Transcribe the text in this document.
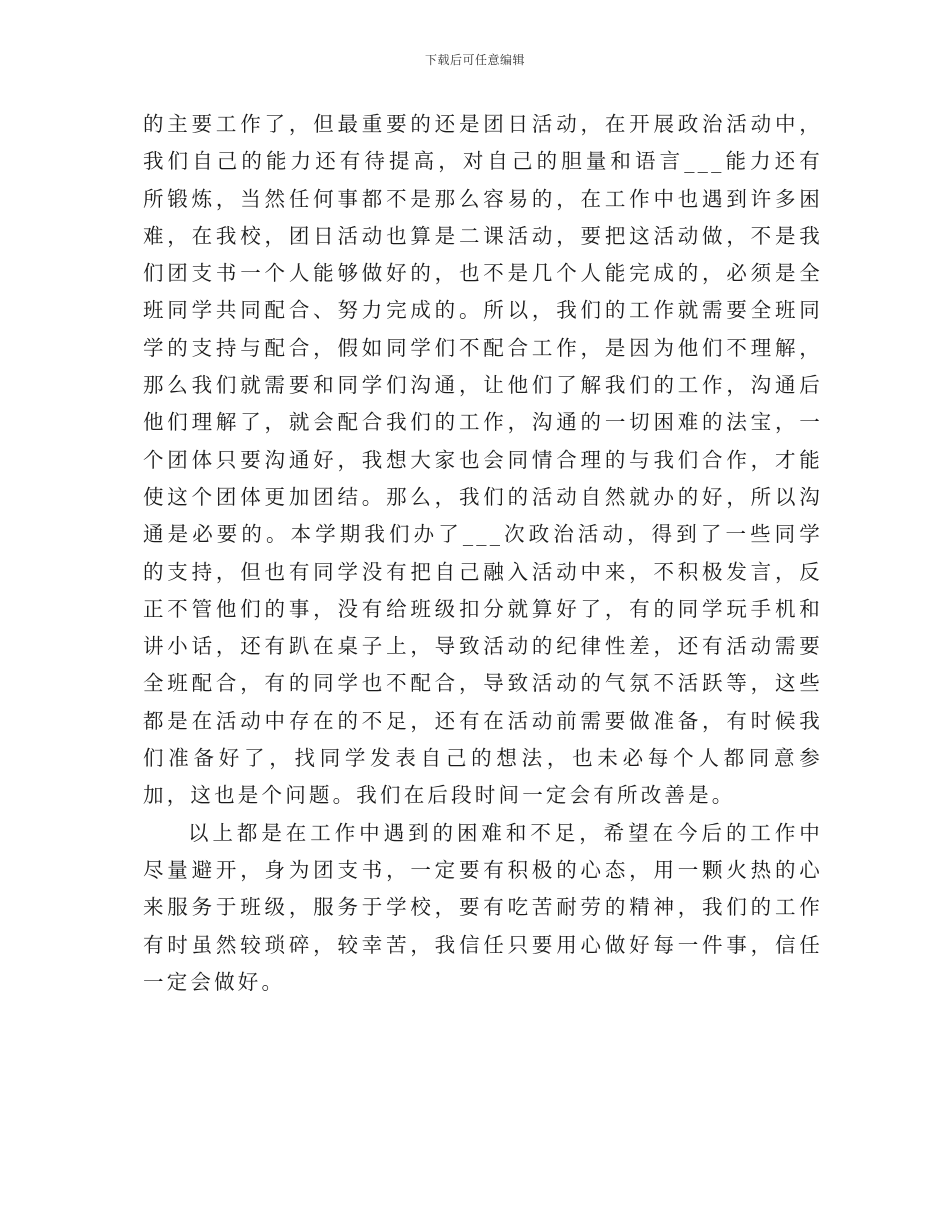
下载后可任意编辑

的主要工作了，但最重要的还是团日活动，在开展政治活动中，我们自己的能力还有待提高，对自己的胆量和语言___能力还有所锻炼，当然任何事都不是那么容易的，在工作中也遇到许多困难，在我校，团日活动也算是二课活动，要把这活动做，不是我们团支书一个人能够做好的，也不是几个人能完成的，必须是全班同学共同配合、努力完成的。所以，我们的工作就需要全班同学的支持与配合，假如同学们不配合工作，是因为他们不理解，那么我们就需要和同学们沟通，让他们了解我们的工作，沟通后他们理解了，就会配合我们的工作，沟通的一切困难的法宝，一个团体只要沟通好，我想大家也会同情合理的与我们合作，才能使这个团体更加团结。那么，我们的活动自然就办的好，所以沟通是必要的。本学期我们办了___次政治活动，得到了一些同学的支持，但也有同学没有把自己融入活动中来，不积极发言，反正不管他们的事，没有给班级扣分就算好了，有的同学玩手机和讲小话，还有趴在桌子上，导致活动的纪律性差，还有活动需要全班配合，有的同学也不配合，导致活动的气氛不活跃等，这些都是在活动中存在的不足，还有在活动前需要做准备，有时候我们准备好了，找同学发表自己的想法，也未必每个人都同意参加，这也是个问题。我们在后段时间一定会有所改善是。

以上都是在工作中遇到的困难和不足，希望在今后的工作中尽量避开，身为团支书，一定要有积极的心态，用一颗火热的心来服务于班级，服务于学校，要有吃苦耐劳的精神，我们的工作有时虽然较琐碎，较幸苦，我信任只要用心做好每一件事，信任一定会做好。
